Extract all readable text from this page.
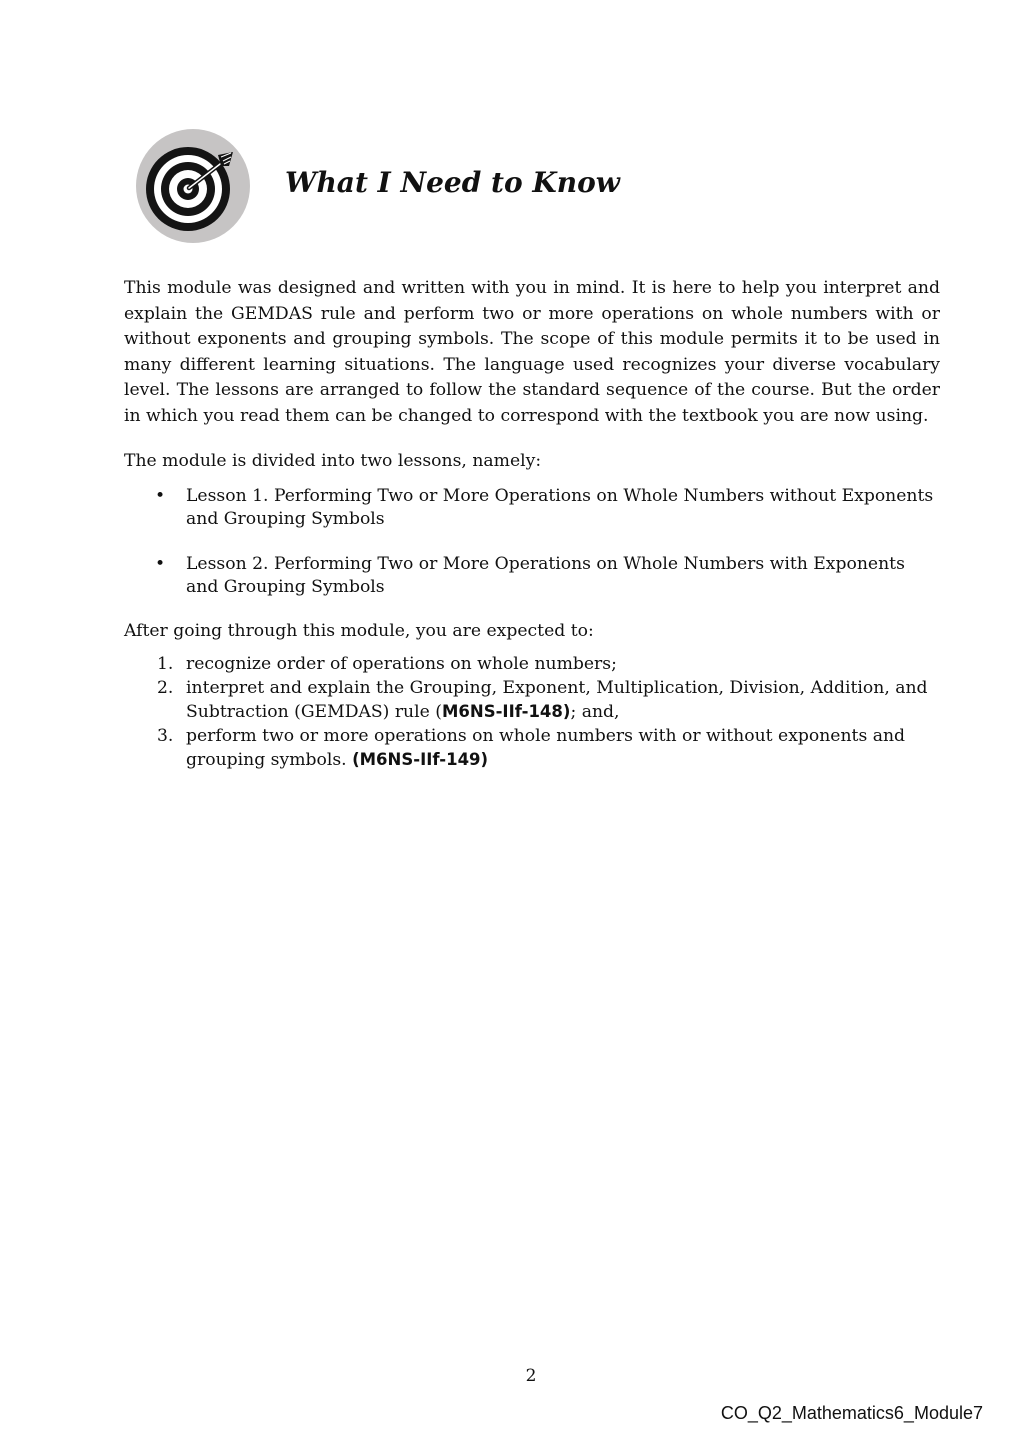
What I Need to Know

This module was designed and written with you in mind. It is here to help you interpret and explain the GEMDAS rule and perform two or more operations on whole numbers with or without exponents and grouping symbols. The scope of this module permits it to be used in many different learning situations. The language used recognizes your diverse vocabulary level. The lessons are arranged to follow the standard sequence of the course. But the order in which you read them can be changed to correspond with the textbook you are now using.

The module is divided into two lessons, namely:

• Lesson 1. Performing Two or More Operations on Whole Numbers without Exponents and Grouping Symbols
• Lesson 2. Performing Two or More Operations on Whole Numbers with Exponents and Grouping Symbols

After going through this module, you are expected to:

1. recognize order of operations on whole numbers;
2. interpret and explain the Grouping, Exponent, Multiplication, Division, Addition, and Subtraction (GEMDAS) rule (M6NS-IIf-148); and,
3. perform two or more operations on whole numbers with or without exponents and grouping symbols. (M6NS-IIf-149)
2
CO_Q2_Mathematics6_Module7
